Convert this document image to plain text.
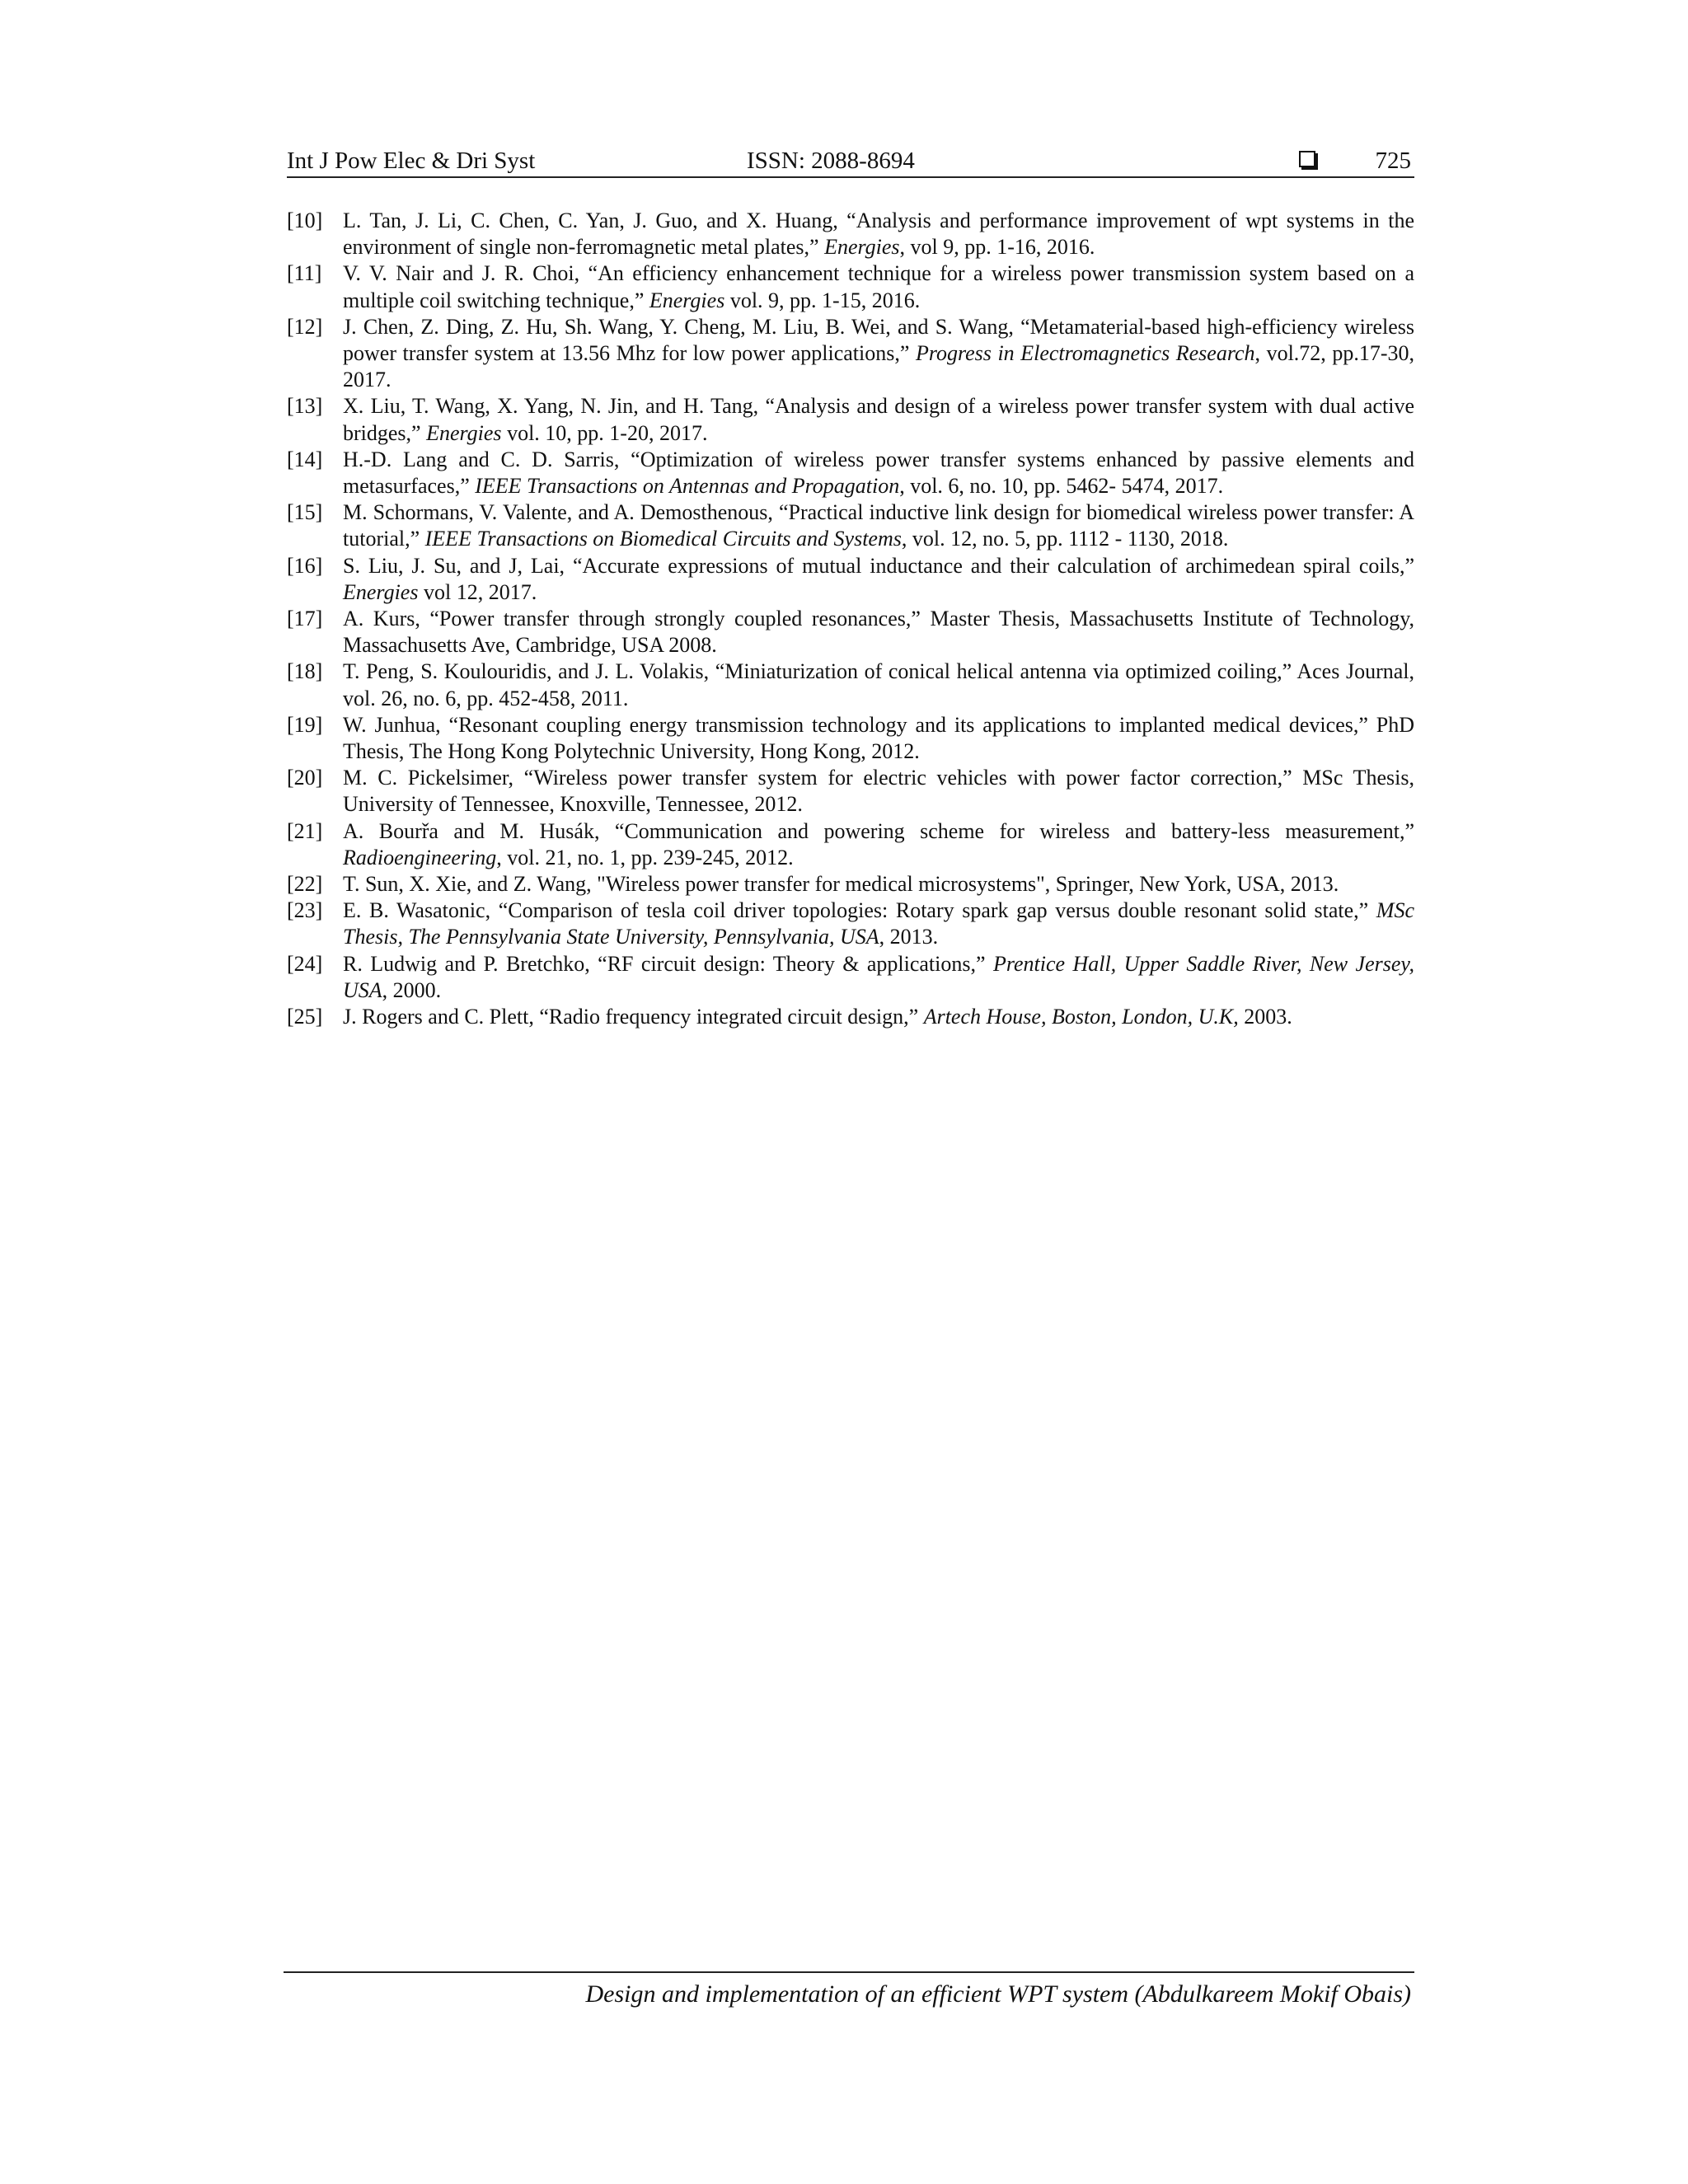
Int J Pow Elec & Dri Syst	ISSN: 2088-8694	725
[10] L. Tan, J. Li, C. Chen, C. Yan, J. Guo, and X. Huang, “Analysis and performance improvement of wpt systems in the environment of single non-ferromagnetic metal plates,” Energies, vol 9, pp. 1-16, 2016.
[11] V. V. Nair and J. R. Choi, “An efficiency enhancement technique for a wireless power transmission system based on a multiple coil switching technique,” Energies vol. 9, pp. 1-15, 2016.
[12] J. Chen, Z. Ding, Z. Hu, Sh. Wang, Y. Cheng, M. Liu, B. Wei, and S. Wang, “Metamaterial-based high-efficiency wireless power transfer system at 13.56 Mhz for low power applications,” Progress in Electromagnetics Research, vol.72, pp.17-30, 2017.
[13] X. Liu, T. Wang, X. Yang, N. Jin, and H. Tang, “Analysis and design of a wireless power transfer system with dual active bridges,” Energies vol. 10, pp. 1-20, 2017.
[14] H.-D. Lang and C. D. Sarris, “Optimization of wireless power transfer systems enhanced by passive elements and metasurfaces,” IEEE Transactions on Antennas and Propagation, vol. 6, no. 10, pp. 5462- 5474, 2017.
[15] M. Schormans, V. Valente, and A. Demosthenous, “Practical inductive link design for biomedical wireless power transfer: A tutorial,” IEEE Transactions on Biomedical Circuits and Systems, vol. 12, no. 5, pp. 1112 - 1130, 2018.
[16] S. Liu, J. Su, and J, Lai, “Accurate expressions of mutual inductance and their calculation of archimedean spiral coils,” Energies vol 12, 2017.
[17] A. Kurs, “Power transfer through strongly coupled resonances,” Master Thesis, Massachusetts Institute of Technology, Massachusetts Ave, Cambridge, USA 2008.
[18] T. Peng, S. Koulouridis, and J. L. Volakis, “Miniaturization of conical helical antenna via optimized coiling,” Aces Journal, vol. 26, no. 6, pp. 452-458, 2011.
[19] W. Junhua, “Resonant coupling energy transmission technology and its applications to implanted medical devices,” PhD Thesis, The Hong Kong Polytechnic University, Hong Kong, 2012.
[20] M. C. Pickelsimer, “Wireless power transfer system for electric vehicles with power factor correction,” MSc Thesis, University of Tennessee, Knoxville, Tennessee, 2012.
[21] A. Bourřa and M. Husák, “Communication and powering scheme for wireless and battery-less measurement,” Radioengineering, vol. 21, no. 1, pp. 239-245, 2012.
[22] T. Sun, X. Xie, and Z. Wang, "Wireless power transfer for medical microsystems", Springer, New York, USA, 2013.
[23] E. B. Wasatonic, “Comparison of tesla coil driver topologies: Rotary spark gap versus double resonant solid state,” MSc Thesis, The Pennsylvania State University, Pennsylvania, USA, 2013.
[24] R. Ludwig and P. Bretchko, “RF circuit design: Theory & applications,” Prentice Hall, Upper Saddle River, New Jersey, USA, 2000.
[25] J. Rogers and C. Plett, “Radio frequency integrated circuit design,” Artech House, Boston, London, U.K, 2003.
Design and implementation of an efficient WPT system (Abdulkareem Mokif Obais)
